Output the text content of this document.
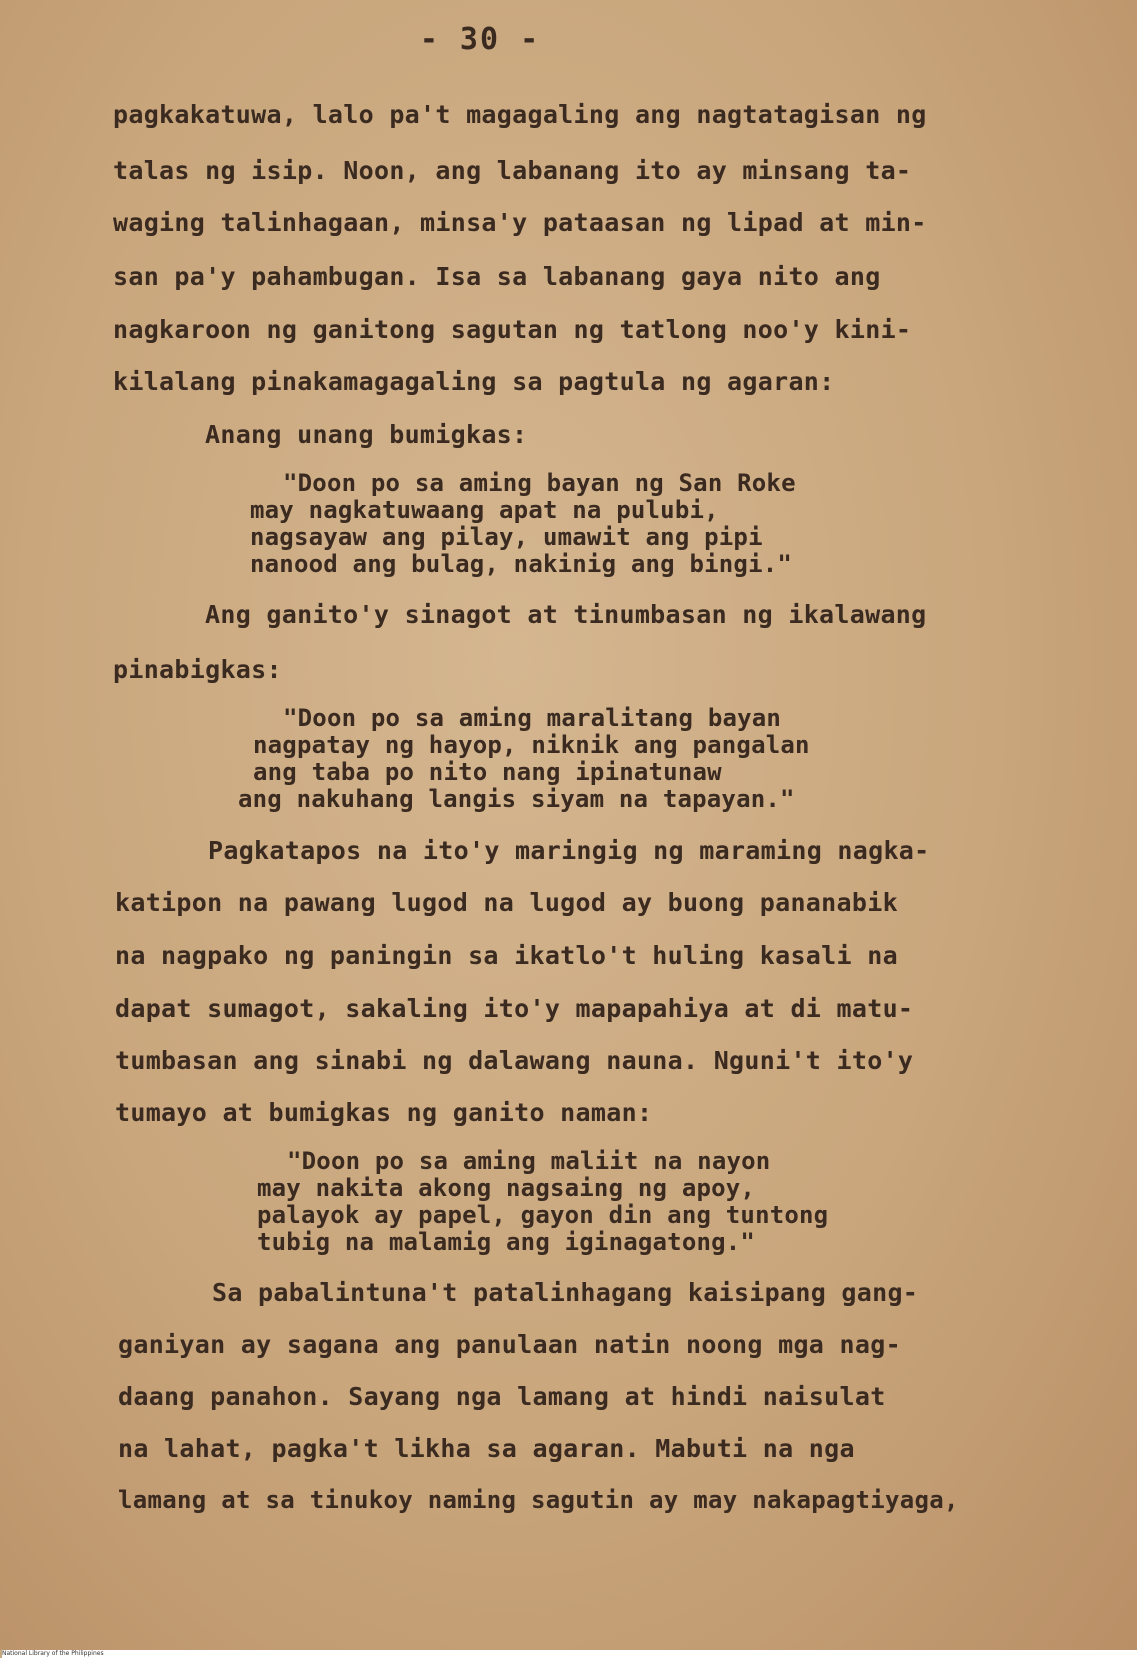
- 30 -
pagkakatuwa, lalo pa't magagaling ang nagtatagisan ng
talas ng isip. Noon, ang labanang ito ay minsang ta-
waging talinhagaan, minsa'y pataasan ng lipad at min-
san pa'y pahambugan. Isa sa labanang gaya nito ang
nagkaroon ng ganitong sagutan ng tatlong noo'y kini-
kilalang pinakamagagaling sa pagtula ng agaran:
Anang unang bumigkas:
"Doon po sa aming bayan ng San Roke
may nagkatuwaang apat na pulubi,
nagsayaw ang pilay, umawit ang pipi
nanood ang bulag, nakinig ang bingi."
Ang ganito'y sinagot at tinumbasan ng ikalawang
pinabigkas:
"Doon po sa aming maralitang bayan
nagpatay ng hayop, niknik ang pangalan
ang taba po nito nang ipinatunaw
ang nakuhang langis siyam na tapayan."
Pagkatapos na ito'y maringig ng maraming nagka-
katipon na pawang lugod na lugod ay buong pananabik
na nagpako ng paningin sa ikatlo't huling kasali na
dapat sumagot, sakaling ito'y mapapahiya at di matu-
tumbasan ang sinabi ng dalawang nauna. Nguni't ito'y
tumayo at bumigkas ng ganito naman:
"Doon po sa aming maliit na nayon
may nakita akong nagsaing ng apoy,
palayok ay papel, gayon din ang tuntong
tubig na malamig ang iginagatong."
Sa pabalintuna't patalinhagang kaisipang gang-
ganiyan ay sagana ang panulaan natin noong mga nag-
daang panahon. Sayang nga lamang at hindi naisulat
na lahat, pagka't likha sa agaran. Mabuti na nga
lamang at sa tinukoy naming sagutin ay may nakapagtiyaga,
National Library of the Philippines
